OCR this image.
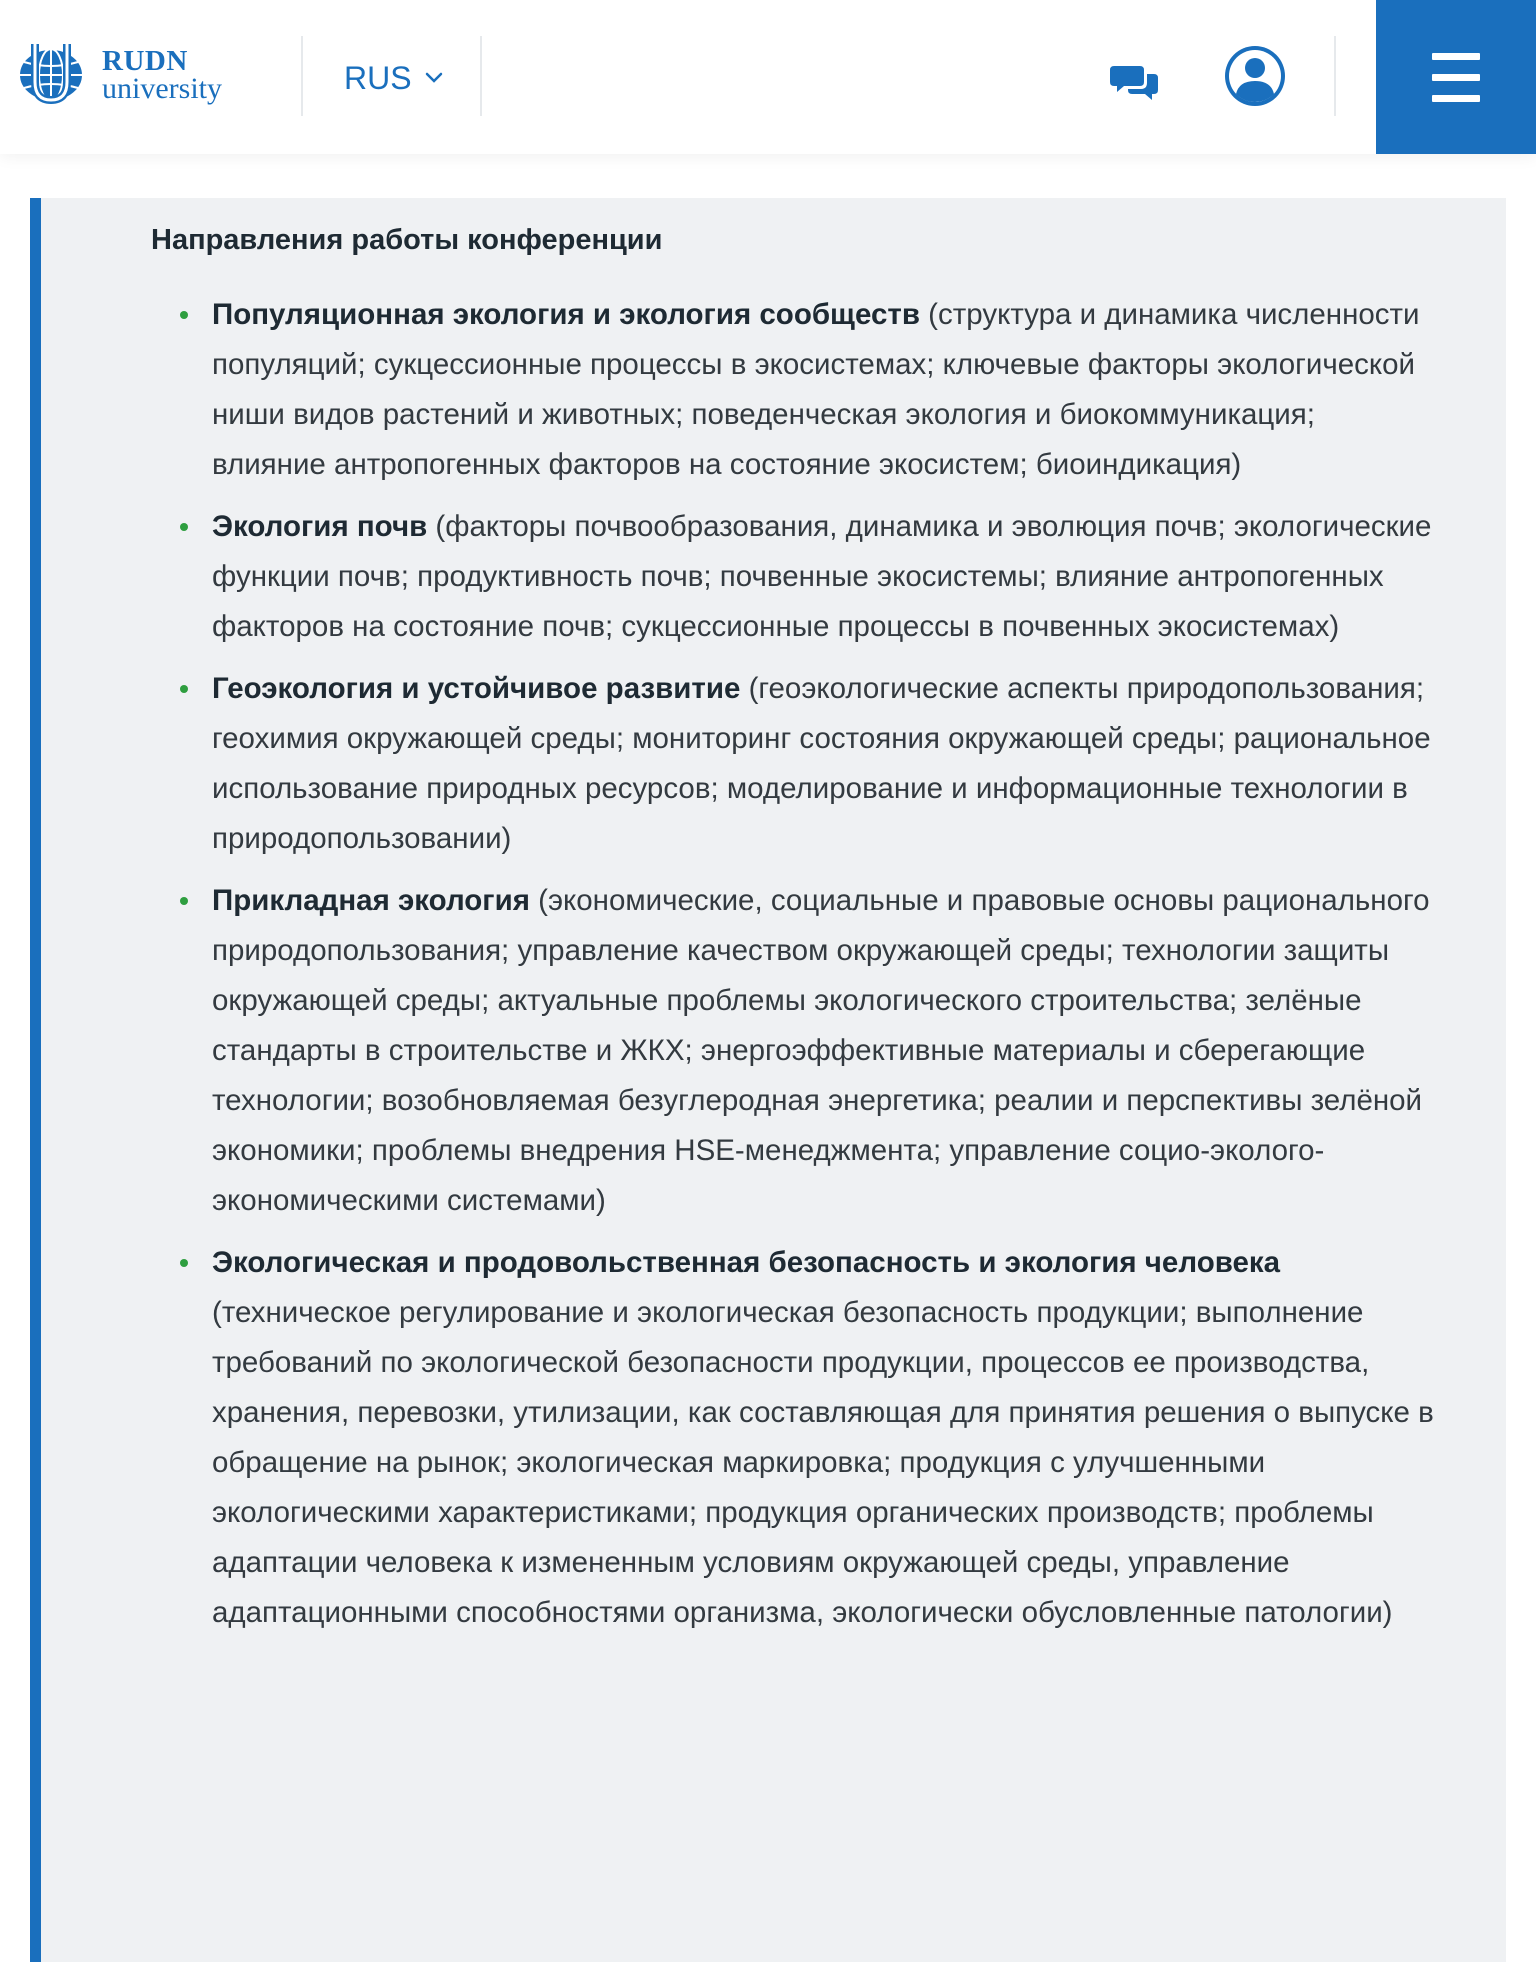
RUDN
university	RUS
Направления работы конференции
Популяционная экология и экология сообществ (структура и динамика численности популяций; сукцессионные процессы в экосистемах; ключевые факторы экологической ниши видов растений и животных; поведенческая экология и биокоммуникация; влияние антропогенных факторов на состояние экосистем; биоиндикация)
Экология почв (факторы почвообразования, динамика и эволюция почв; экологические функции почв; продуктивность почв; почвенные экосистемы; влияние антропогенных факторов на состояние почв; сукцессионные процессы в почвенных экосистемах)
Геоэкология и устойчивое развитие (геоэкологические аспекты природопользования; геохимия окружающей среды; мониторинг состояния окружающей среды; рациональное использование природных ресурсов; моделирование и информационные технологии в природопользовании)
Прикладная экология (экономические, социальные и правовые основы рационального природопользования; управление качеством окружающей среды; технологии защиты окружающей среды; актуальные проблемы экологического строительства; зелёные стандарты в строительстве и ЖКХ; энергоэффективные материалы и сберегающие технологии; возобновляемая безуглеродная энергетика; реалии и перспективы зелёной экономики; проблемы внедрения HSE-менеджмента; управление социо-эколого-экономическими системами)
Экологическая и продовольственная безопасность и экология человека (техническое регулирование и экологическая безопасность продукции; выполнение требований по экологической безопасности продукции, процессов ее производства, хранения, перевозки, утилизации, как составляющая для принятия решения о выпуске в обращение на рынок; экологическая маркировка; продукция с улучшенными экологическими характеристиками; продукция органических производств; проблемы адаптации человека к измененным условиям окружающей среды, управление адаптационными способностями организма, экологически обусловленные патологии)
